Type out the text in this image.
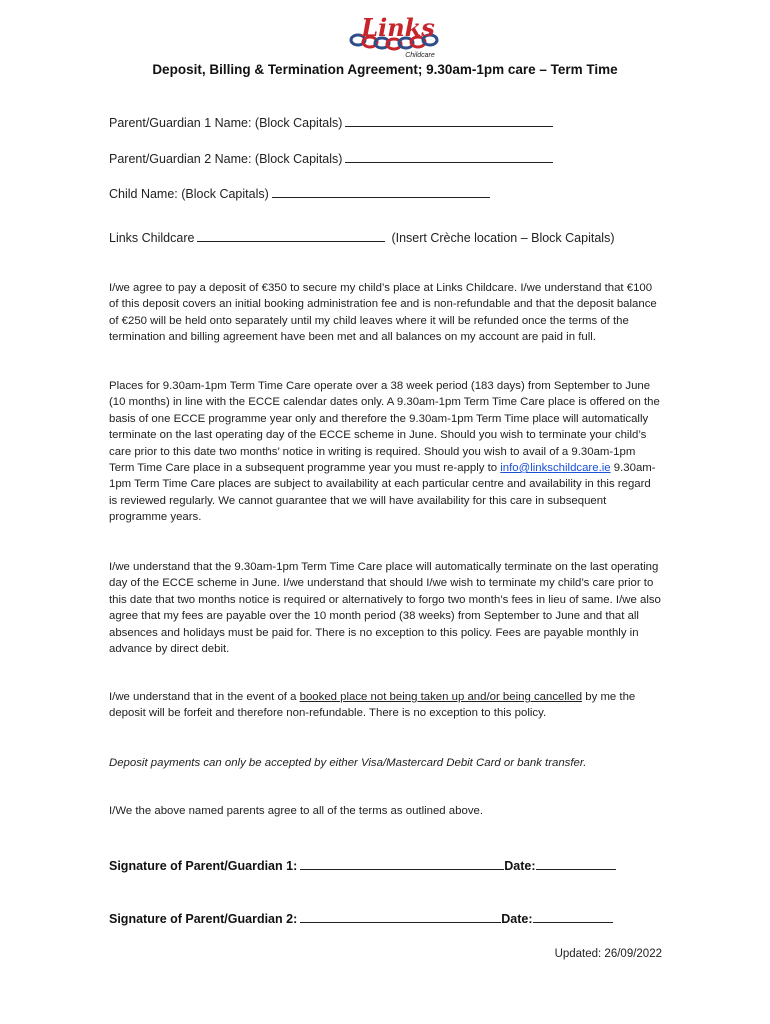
Links
Childcare
Deposit, Billing & Termination Agreement; 9.30am-1pm care – Term Time
Parent/Guardian 1 Name: (Block Capitals)
Parent/Guardian 2 Name: (Block Capitals)
Child Name: (Block Capitals)
Links Childcare	(Insert Crèche location – Block Capitals)

I/we agree to pay a deposit of €350 to secure my child’s place at Links Childcare. I/we understand that €100 of this deposit covers an initial booking administration fee and is non-refundable and that the deposit balance of €250 will be held onto separately until my child leaves where it will be refunded once the terms of the termination and billing agreement have been met and all balances on my account are paid in full.

Places for 9.30am-1pm Term Time Care operate over a 38 week period (183 days) from September to June (10 months) in line with the ECCE calendar dates only. A 9.30am-1pm Term Time Care place is offered on the basis of one ECCE programme year only and therefore the 9.30am-1pm Term Time place will automatically terminate on the last operating day of the ECCE scheme in June. Should you wish to terminate your child’s care prior to this date two months’ notice in writing is required. Should you wish to avail of a 9.30am-1pm Term Time Care place in a subsequent programme year you must re-apply to info@linkschildcare.ie 9.30am-1pm Term Time Care places are subject to availability at each particular centre and availability in this regard is reviewed regularly. We cannot guarantee that we will have availability for this care in subsequent programme years.

I/we understand that the 9.30am-1pm Term Time Care place will automatically terminate on the last operating day of the ECCE scheme in June. I/we understand that should I/we wish to terminate my child’s care prior to this date that two months notice is required or alternatively to forgo two month’s fees in lieu of same. I/we also agree that my fees are payable over the 10 month period (38 weeks) from September to June and that all absences and holidays must be paid for. There is no exception to this policy. Fees are payable monthly in advance by direct debit.

I/we understand that in the event of a booked place not being taken up and/or being cancelled by me the deposit will be forfeit and therefore non-refundable. There is no exception to this policy.

Deposit payments can only be accepted by either Visa/Mastercard Debit Card or bank transfer.

I/We the above named parents agree to all of the terms as outlined above.

Signature of Parent/Guardian 1:	Date:
Signature of Parent/Guardian 2:	Date:
Updated: 26/09/2022
